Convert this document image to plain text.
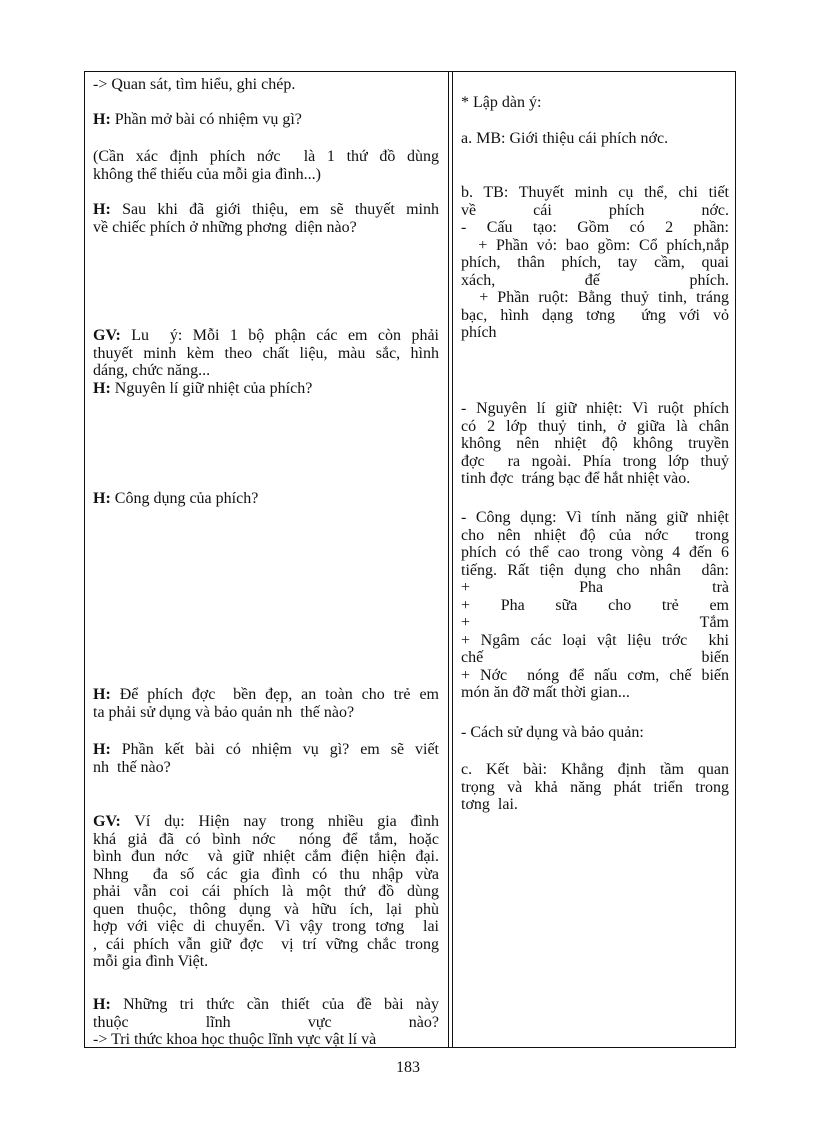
-> Quan sát, tìm hiểu, ghi chép.
H: Phần mở bài có nhiệm vụ gì?
(Cần xác định phích nớc  là 1 thứ đồ dùng
không thể thiếu của mỗi gia đình...)
H: Sau khi đã giới thiệu, em sẽ thuyết minh
về chiếc phích ở những phơng  diện nào?
GV: Lu  ý: Mỗi 1 bộ phận các em còn phải
thuyết minh kèm theo chất liệu, màu sắc, hình
dáng, chức năng...
H: Nguyên lí giữ nhiệt của phích?
H: Công dụng của phích?
H: Để phích đợc  bền đẹp, an toàn cho trẻ em
ta phải sử dụng và bảo quản nh  thế nào?
H: Phần kết bài có nhiệm vụ gì? em sẽ viết
nh  thế nào?
GV: Ví dụ: Hiện nay trong nhiều gia đình
khá giả đã có bình nớc  nóng để tắm, hoặc
bình đun nớc  và giữ nhiệt cắm điện hiện đại.
Nhng  đa số các gia đình có thu nhập vừa
phải vẫn coi cái phích là một thứ đồ dùng
quen thuộc, thông dụng và hữu ích, lại phù
hợp với việc di chuyển. Vì vậy trong tơng  lai
, cái phích vẫn giữ đợc  vị trí vững chắc trong
mỗi gia đình Việt.
H: Những tri thức cần thiết của đề bài này
thuộc lĩnh vực nào?
-> Tri thức khoa học thuộc lĩnh vực vật lí và
* Lập dàn ý:
a. MB: Giới thiệu cái phích nớc.
b. TB: Thuyết minh cụ thể, chi tiết
về cái phích nớc.
- Cấu tạo: Gồm có 2 phần:
+ Phần vỏ: bao gồm: Cổ phích,nắp
phích, thân phích, tay cầm, quai
xách, đế phích.
+ Phần ruột: Bằng thuỷ tinh, tráng
bạc, hình dạng tơng  ứng với vỏ
phích
- Nguyên lí giữ nhiệt: Vì ruột phích
có 2 lớp thuỷ tinh, ở giữa là chân
không nên nhiệt độ không truyền
đợc  ra ngoài. Phía trong lớp thuỷ
tinh đợc  tráng bạc để hắt nhiệt vào.
- Công dụng: Vì tính năng giữ nhiệt
cho nên nhiệt độ của nớc  trong
phích có thể cao trong vòng 4 đến 6
tiếng. Rất tiện dụng cho nhân  dân:
+ Pha trà
+ Pha sữa cho trẻ em
+ Tắm
+ Ngâm các loại vật liệu trớc  khi
chế biến
+ Nớc  nóng để nấu cơm, chế biến
món ăn đỡ mất thời gian...
- Cách sử dụng và bảo quản:
c. Kết bài: Khẳng định tầm quan
trọng và khả năng phát triển trong
tơng  lai.
183
